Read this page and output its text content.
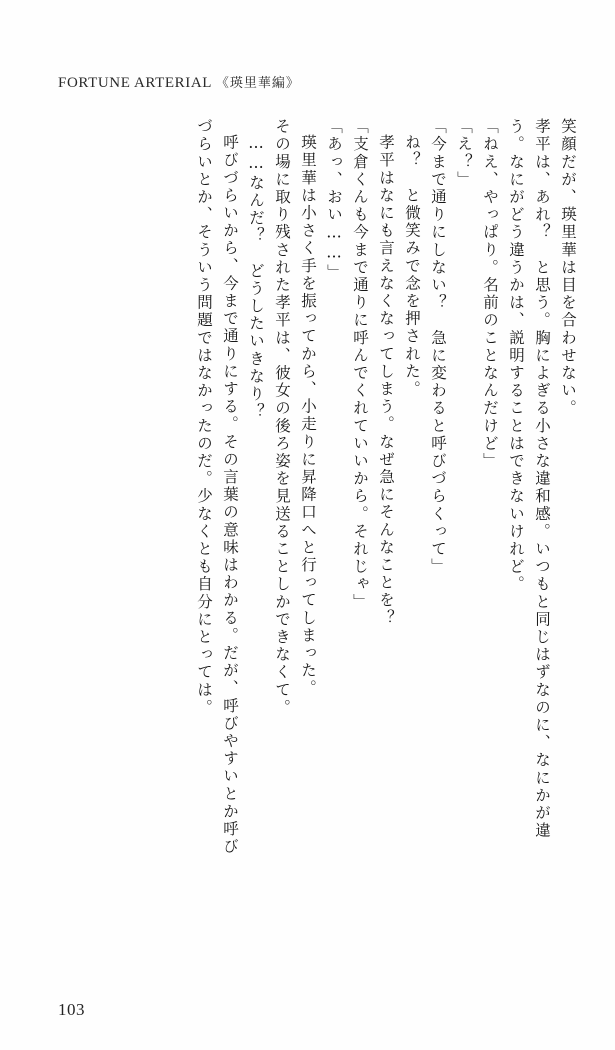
FORTUNE ARTERIAL 《瑛里華編》
笑顔だが、瑛里華は目を合わせない。
孝平は、あれ？　と思う。胸によぎる小さな違和感。いつもと同じはずなのに、なにかが違
う。なにがどう違うかは、説明することはできないけれど。
「ねえ、やっぱり。名前のことなんだけど」
「え？」
「今まで通りにしない？　急に変わると呼びづらくって」
ね？　と微笑みで念を押された。
孝平はなにも言えなくなってしまう。なぜ急にそんなことを？
「支倉くんも今まで通りに呼んでくれていいから。それじゃ」
「あっ、おい……」
瑛里華は小さく手を振ってから、小走りに昇降口へと行ってしまった。
その場に取り残された孝平は、彼女の後ろ姿を見送ることしかできなくて。
……なんだ？　どうしたいきなり？
呼びづらいから、今まで通りにする。その言葉の意味はわかる。だが、呼びやすいとか呼び
づらいとか、そういう問題ではなかったのだ。少なくとも自分にとっては。
103
